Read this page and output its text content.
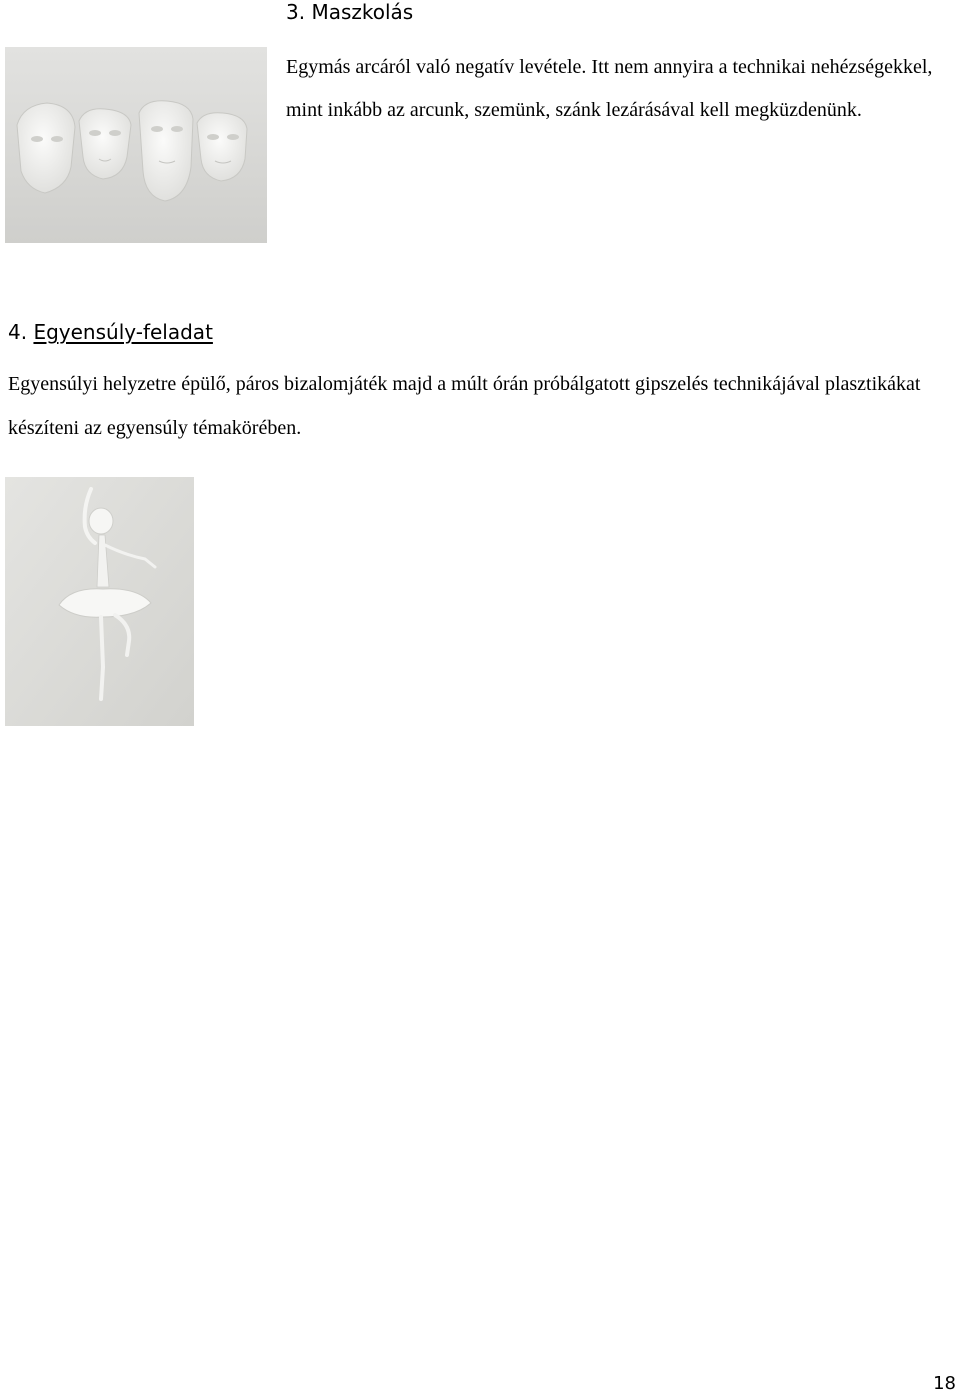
3. Maszkolás

Egymás arcáról való negatív levétele. Itt nem annyira a technikai nehézségekkel, mint inkább az arcunk, szemünk, szánk lezárásával kell megküzdenünk.

4. Egyensúly-feladat

Egyensúlyi helyzetre épülő, páros bizalomjáték majd a múlt órán próbálgatott gipszelés technikájával plasztikákat készíteni az egyensúly témakörében.

18
